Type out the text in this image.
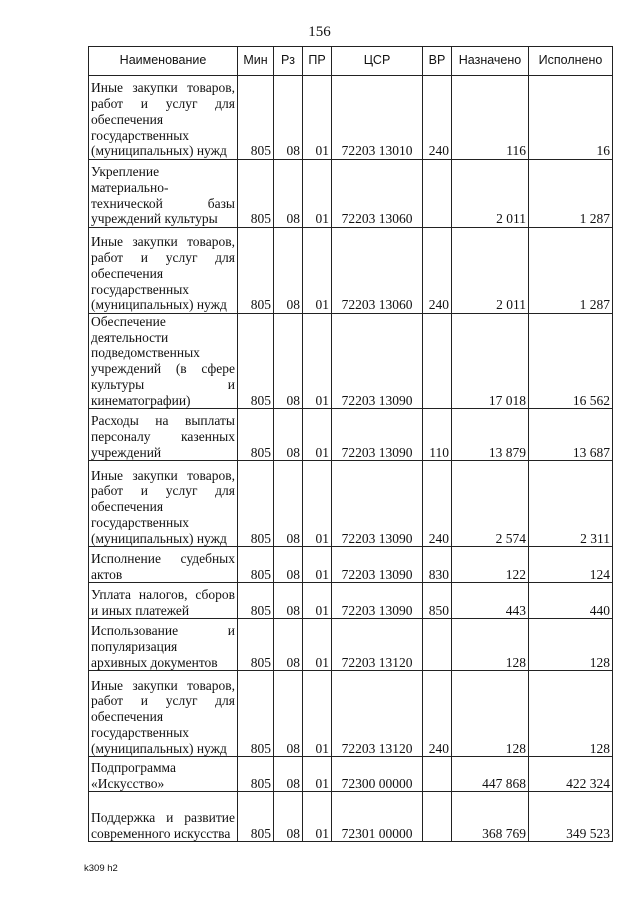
156
Наименование	Мин	Рз	ПР	ЦСР	ВР	Назначено	Исполнено
Иные закупки товаров, работ и услуг для обеспечения государственных (муниципальных) нужд	805	08	01	72203 13010	240	116	16
Укрепление материально-технической базы учреждений культуры	805	08	01	72203 13060		2 011	1 287
Иные закупки товаров, работ и услуг для обеспечения государственных (муниципальных) нужд	805	08	01	72203 13060	240	2 011	1 287
Обеспечение деятельности подведомственных учреждений (в сфере культуры и кинематографии)	805	08	01	72203 13090		17 018	16 562
Расходы на выплаты персоналу казенных учреждений	805	08	01	72203 13090	110	13 879	13 687
Иные закупки товаров, работ и услуг для обеспечения государственных (муниципальных) нужд	805	08	01	72203 13090	240	2 574	2 311
Исполнение судебных актов	805	08	01	72203 13090	830	122	124
Уплата налогов, сборов и иных платежей	805	08	01	72203 13090	850	443	440
Использование и популяризация архивных документов	805	08	01	72203 13120		128	128
Иные закупки товаров, работ и услуг для обеспечения государственных (муниципальных) нужд	805	08	01	72203 13120	240	128	128
Подпрограмма «Искусство»	805	08	01	72300 00000		447 868	422 324
Поддержка и развитие современного искусства	805	08	01	72301 00000		368 769	349 523
k309 h2
